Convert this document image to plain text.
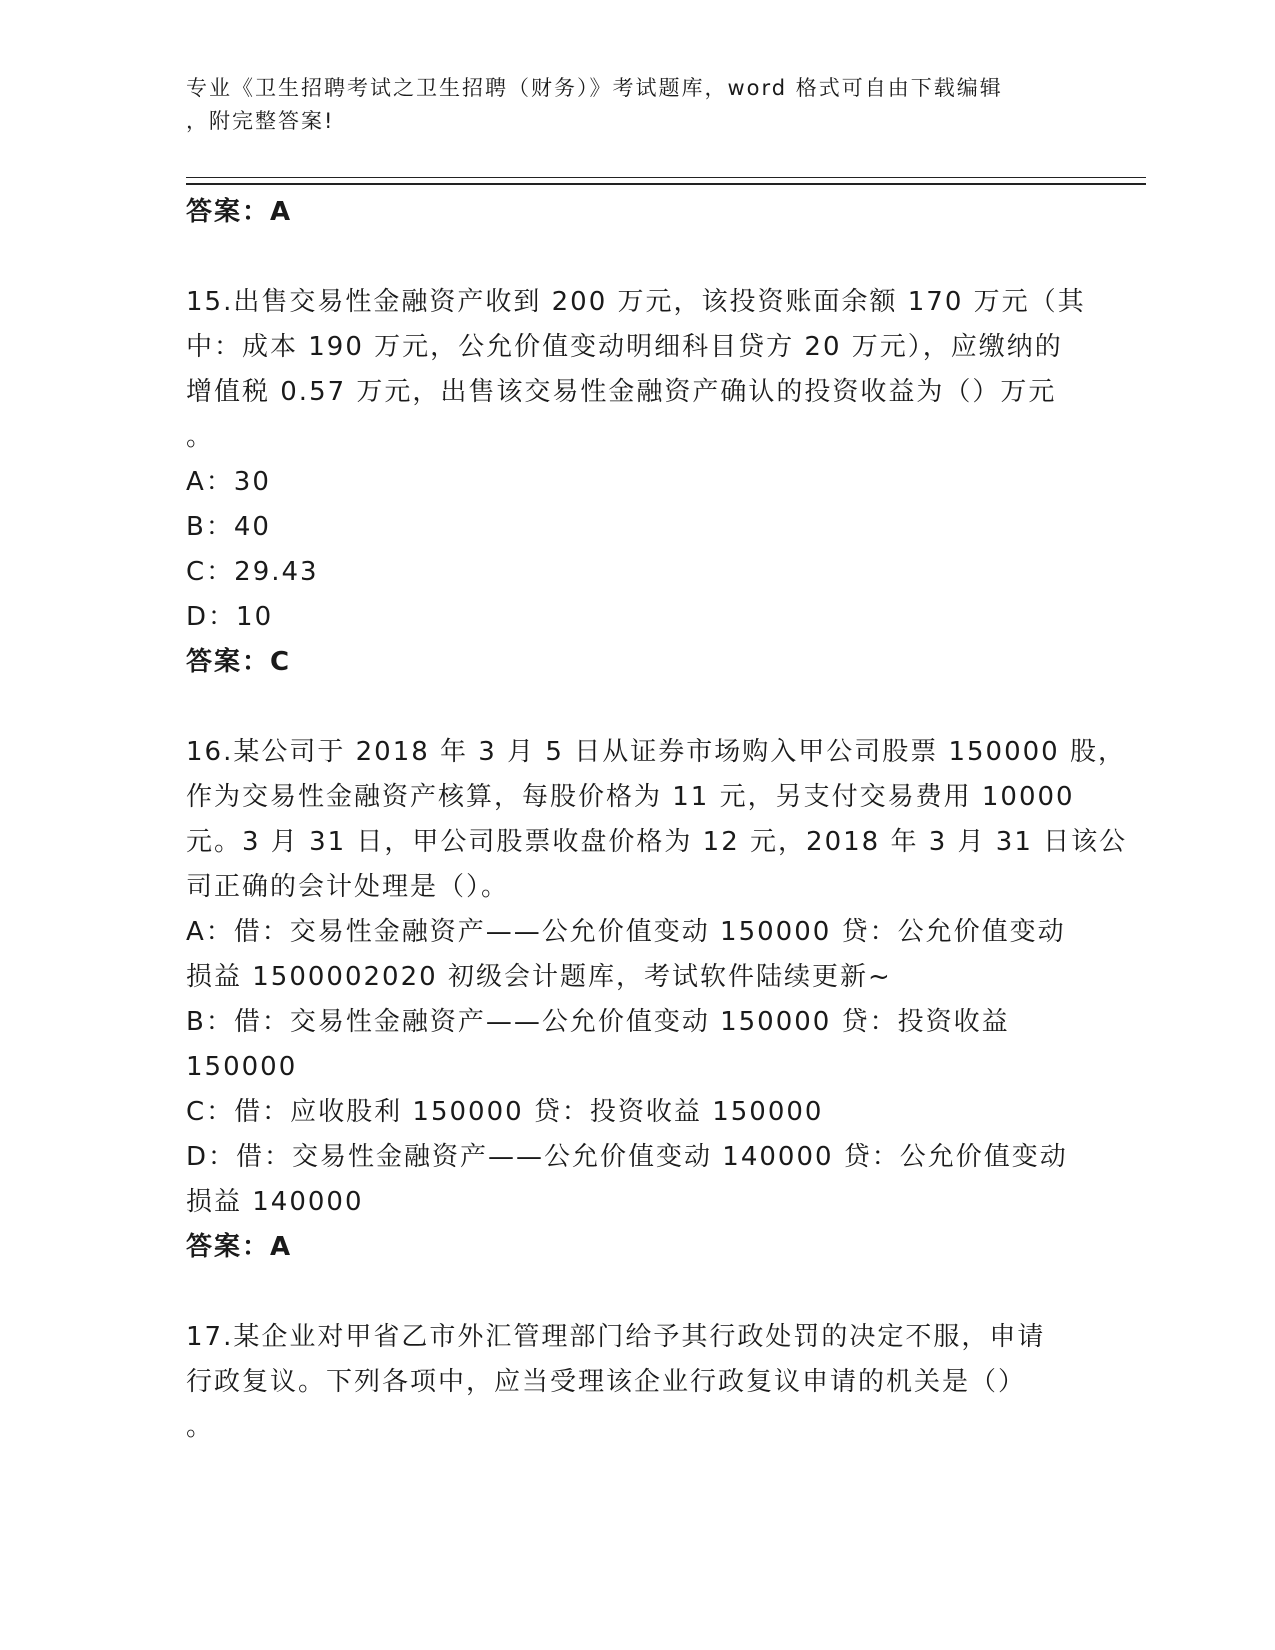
专业《卫生招聘考试之卫生招聘（财务）》考试题库，word 格式可自由下载编辑
，附完整答案!
答案：A
15.出售交易性金融资产收到 200 万元，该投资账面余额 170 万元（其
中：成本 190 万元，公允价值变动明细科目贷方 20 万元），应缴纳的
增值税 0.57 万元，出售该交易性金融资产确认的投资收益为（）万元
。
A：30
B：40
C：29.43
D：10
答案：C
16.某公司于 2018 年 3 月 5 日从证券市场购入甲公司股票 150000 股，
作为交易性金融资产核算，每股价格为 11 元，另支付交易费用 10000
元。3 月 31 日，甲公司股票收盘价格为 12 元，2018 年 3 月 31 日该公
司正确的会计处理是（）。
A：借：交易性金融资产——公允价值变动 150000 贷：公允价值变动
损益 1500002020 初级会计题库，考试软件陆续更新~
B：借：交易性金融资产——公允价值变动 150000 贷：投资收益
150000
C：借：应收股利 150000 贷：投资收益 150000
D：借：交易性金融资产——公允价值变动 140000 贷：公允价值变动
损益 140000
答案：A
17.某企业对甲省乙市外汇管理部门给予其行政处罚的决定不服，申请
行政复议。下列各项中，应当受理该企业行政复议申请的机关是（）
。
